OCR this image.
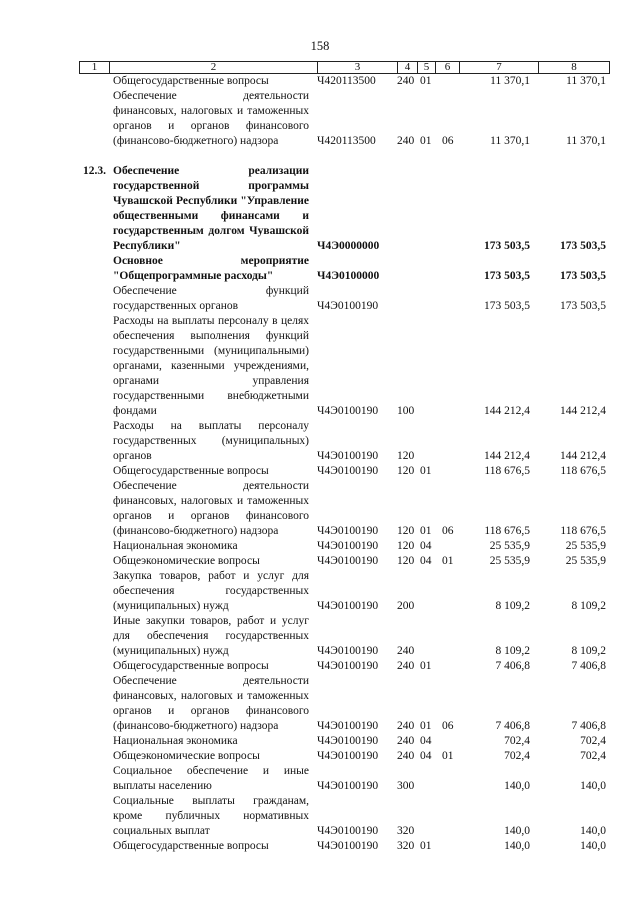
158
1	2	3	4	5	6	7	8
Общегосударственные вопросы	Ч420113500 240 01	11 370,1	11 370,1
Обеспечение деятельности финансовых, налоговых и таможенных органов и органов финансового (финансово-бюджетного) надзора	Ч420113500 240 01 06	11 370,1	11 370,1
12.3. Обеспечение реализации государственной программы Чувашской Республики "Управление общественными финансами и государственным долгом Чувашской Республики"	Ч4Э0000000	173 503,5	173 503,5
Основное мероприятие "Общепрограммные расходы"	Ч4Э0100000	173 503,5	173 503,5
Обеспечение функций государственных органов	Ч4Э0100190	173 503,5	173 503,5
Расходы на выплаты персоналу в целях обеспечения выполнения функций государственными (муниципальными) органами, казенными учреждениями, органами управления государственными внебюджетными фондами	Ч4Э0100190 100	144 212,4	144 212,4
Расходы на выплаты персоналу государственных (муниципальных) органов	Ч4Э0100190 120	144 212,4	144 212,4
Общегосударственные вопросы	Ч4Э0100190 120 01	118 676,5	118 676,5
Обеспечение деятельности финансовых, налоговых и таможенных органов и органов финансового (финансово-бюджетного) надзора	Ч4Э0100190 120 01 06	118 676,5	118 676,5
Национальная экономика	Ч4Э0100190 120 04	25 535,9	25 535,9
Общеэкономические вопросы	Ч4Э0100190 120 04 01	25 535,9	25 535,9
Закупка товаров, работ и услуг для обеспечения государственных (муниципальных) нужд	Ч4Э0100190 200	8 109,2	8 109,2
Иные закупки товаров, работ и услуг для обеспечения государственных (муниципальных) нужд	Ч4Э0100190 240	8 109,2	8 109,2
Общегосударственные вопросы	Ч4Э0100190 240 01	7 406,8	7 406,8
Обеспечение деятельности финансовых, налоговых и таможенных органов и органов финансового (финансово-бюджетного) надзора	Ч4Э0100190 240 01 06	7 406,8	7 406,8
Национальная экономика	Ч4Э0100190 240 04	702,4	702,4
Общеэкономические вопросы	Ч4Э0100190 240 04 01	702,4	702,4
Социальное обеспечение и иные выплаты населению	Ч4Э0100190 300	140,0	140,0
Социальные выплаты гражданам, кроме публичных нормативных социальных выплат	Ч4Э0100190 320	140,0	140,0
Общегосударственные вопросы	Ч4Э0100190 320 01	140,0	140,0
